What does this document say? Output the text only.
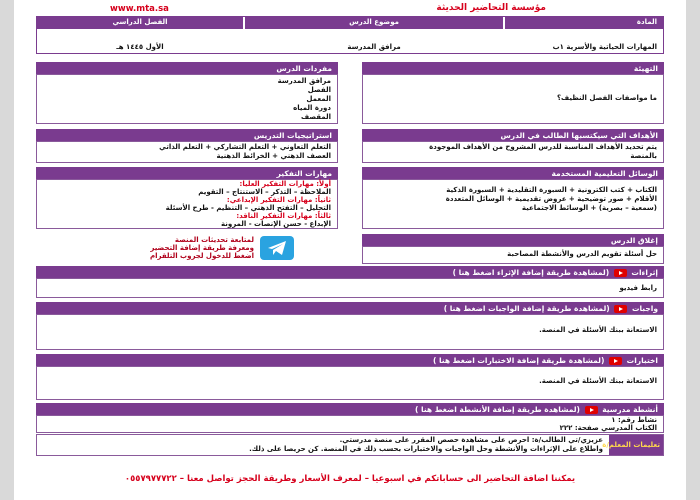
مؤسسة التحاضير الحديثة
www.mta.sa
المادة
موضوع الدرس
الفصل الدراسي
المهارات الحياتية والأسرية ١ب
مرافق المدرسة
الأول ١٤٤٥ هـ
التهيئة
ما مواصفات الفصل النظيف؟
مفردات الدرس
مرافق المدرسة
الفصل
المعمل
دورة المياه
المقصف
الأهداف التي سيكتسبها الطالب في الدرس
يتم تحديد الأهداف المناسبة للدرس المشروح من الأهداف الموجودة
بالمنصة
استراتيجيات التدريس
التعلم التعاوني + التعلم التشاركي + التعلم الذاتي
العصف الذهني + الخرائط الذهنية
الوسائل التعليمية المستخدمة
الكتاب + كتب الكترونية + السبورة التقليدية + السبورة الذكية
الأقلام + صور توضيحية + عروض تقديمية + الوسائل المتعددة
(سمعية – بصرية) + الوسائط الاجتماعية
مهارات التفكير
أولاً: مهارات التفكير العليا:
الملاحظة – التذكر – الاستنتاج – التقويم
ثانياً: مهارات التفكير الإبداعي:
التحليل – التفتح الذهني – التنظيم - طرح الأسئلة
ثالثاً: مهارات التفكير الناقد:
الإبداع - حسن الإنصات - المرونة
إغلاق الدرس
حل أسئلة تقويم الدرس والأنشطة المصاحبة
لمتابعة تحديثات المنصة
ومعرفة طريقة إضافة التحضير
اضغط للدخول لجروب التلقرام
إثراءات  (لمشاهدة طريقة إضافة الإثراء اضغط هنا )
رابط فيديو
واجبات  (لمشاهدة طريقة إضافة الواجبات اضغط هنا )
الاستعانة ببنك الأسئلة في المنصة.
اختبارات  (لمشاهدة طريقة إضافة الاختبارات اضغط هنا )
الاستعانة ببنك الأسئلة في المنصة.
أنشطة مدرسية  (لمشاهدة طريقة إضافة الأنشطة اضغط هنا )
نشاط رقم: ١
الكتاب المدرسي صفحة: ٢٢٢
تعليمات المعلم/ة
عزيزي/تي الطالب/ة: احرص على مشاهدة حصص المقرر على منصة مدرستي.
واطلاع على الإثراءات والأنشطة وحل الواجبات والاختبارات بحسب ذلك في المنصة. كن حريصا على ذلك.
يمكننا اضافة التحاضير الى حساباتكم في اسبوعيا – لمعرف الأسعار وطريقة الحجز تواصل معنا – ٠٥٥٧٩٧٧٧٢٢
